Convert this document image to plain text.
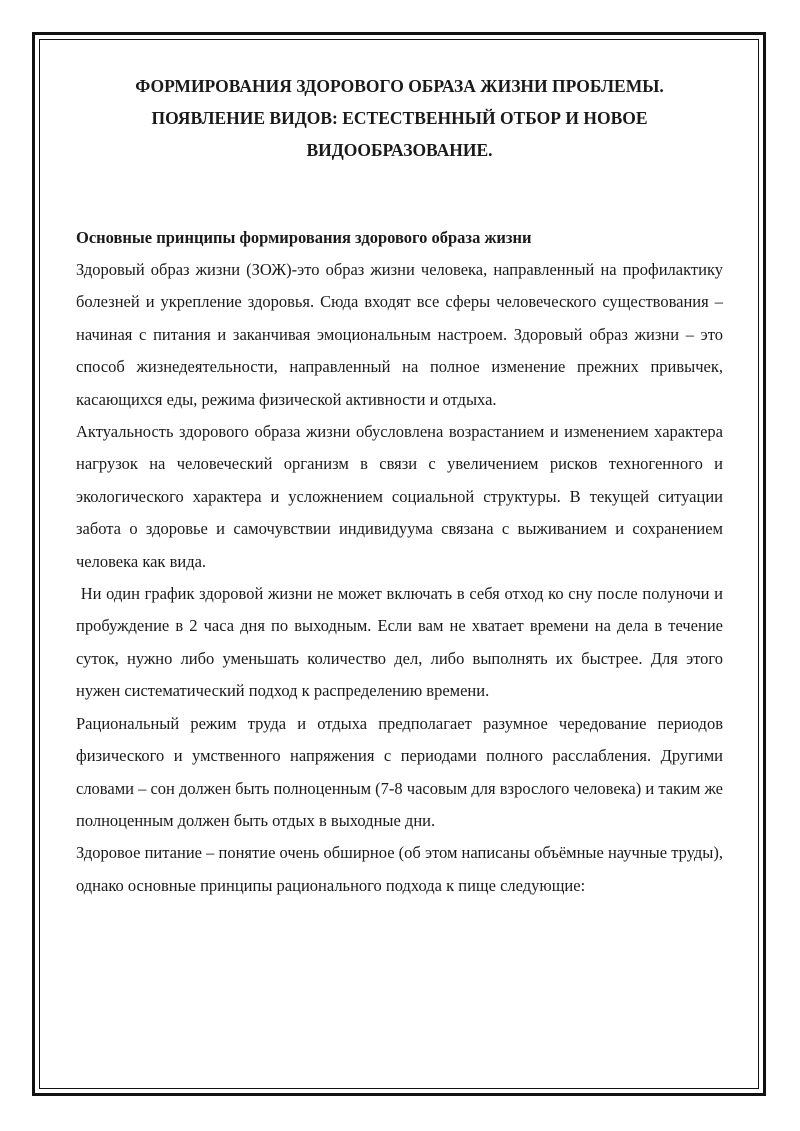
ФОРМИРОВАНИЯ ЗДОРОВОГО ОБРАЗА ЖИЗНИ ПРОБЛЕМЫ.

ПОЯВЛЕНИЕ ВИДОВ: ЕСТЕСТВЕННЫЙ ОТБОР И НОВОЕ

ВИДООБРАЗОВАНИЕ.

Основные принципы формирования здорового образа жизни

Здоровый образ жизни (ЗОЖ)-это образ жизни человека, направленный на профилактику болезней и укрепление здоровья. Сюда входят все сферы человеческого существования – начиная с питания и заканчивая эмоциональным настроем. Здоровый образ жизни – это способ жизнедеятельности, направленный на полное изменение прежних привычек, касающихся еды, режима физической активности и отдыха.

Актуальность здорового образа жизни обусловлена возрастанием и изменением характера нагрузок на человеческий организм в связи с увеличением рисков техногенного и экологического характера и усложнением социальной структуры. В текущей ситуации забота о здоровье и самочувствии индивидуума связана с выживанием и сохранением человека как вида.

Ни один график здоровой жизни не может включать в себя отход ко сну после полуночи и пробуждение в 2 часа дня по выходным. Если вам не хватает времени на дела в течение суток, нужно либо уменьшать количество дел, либо выполнять их быстрее. Для этого нужен систематический подход к распределению времени.

Рациональный режим труда и отдыха предполагает разумное чередование периодов физического и умственного напряжения с периодами полного расслабления. Другими словами – сон должен быть полноценным (7-8 часовым для взрослого человека) и таким же полноценным должен быть отдых в выходные дни.

Здоровое питание – понятие очень обширное (об этом написаны объёмные научные труды), однако основные принципы рационального подхода к пище следующие:
